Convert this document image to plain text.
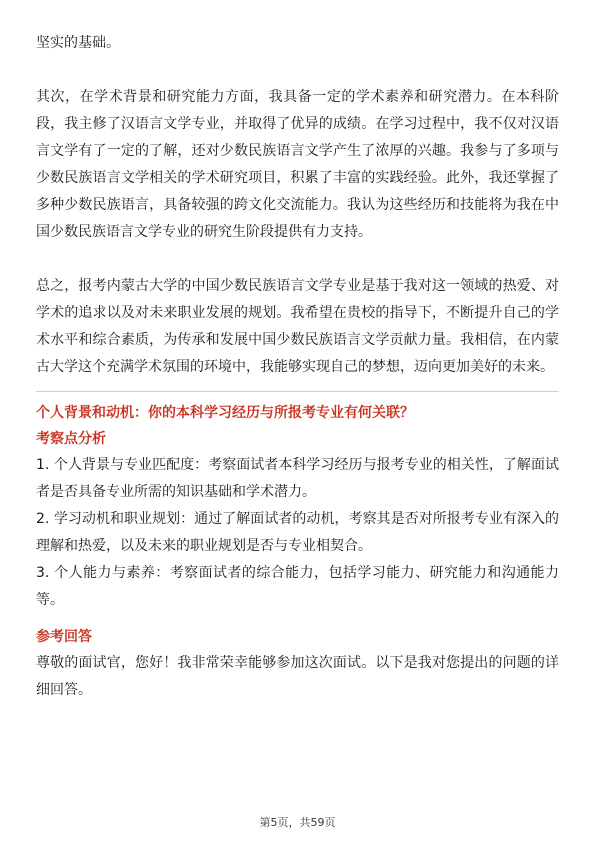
坚实的基础。

其次，在学术背景和研究能力方面，我具备一定的学术素养和研究潜力。在本科阶段，我主修了汉语言文学专业，并取得了优异的成绩。在学习过程中，我不仅对汉语言文学有了一定的了解，还对少数民族语言文学产生了浓厚的兴趣。我参与了多项与少数民族语言文学相关的学术研究项目，积累了丰富的实践经验。此外，我还掌握了多种少数民族语言，具备较强的跨文化交流能力。我认为这些经历和技能将为我在中国少数民族语言文学专业的研究生阶段提供有力支持。

总之，报考内蒙古大学的中国少数民族语言文学专业是基于我对这一领域的热爱、对学术的追求以及对未来职业发展的规划。我希望在贵校的指导下，不断提升自己的学术水平和综合素质，为传承和发展中国少数民族语言文学贡献力量。我相信，在内蒙古大学这个充满学术氛围的环境中，我能够实现自己的梦想，迈向更加美好的未来。

个人背景和动机：你的本科学习经历与所报考专业有何关联？

考察点分析

1. 个人背景与专业匹配度：考察面试者本科学习经历与报考专业的相关性，了解面试者是否具备专业所需的知识基础和学术潜力。

2. 学习动机和职业规划：通过了解面试者的动机，考察其是否对所报考专业有深入的理解和热爱，以及未来的职业规划是否与专业相契合。

3. 个人能力与素养：考察面试者的综合能力，包括学习能力、研究能力和沟通能力等。

参考回答

尊敬的面试官，您好！我非常荣幸能够参加这次面试。以下是我对您提出的问题的详细回答。

第5页，共59页
